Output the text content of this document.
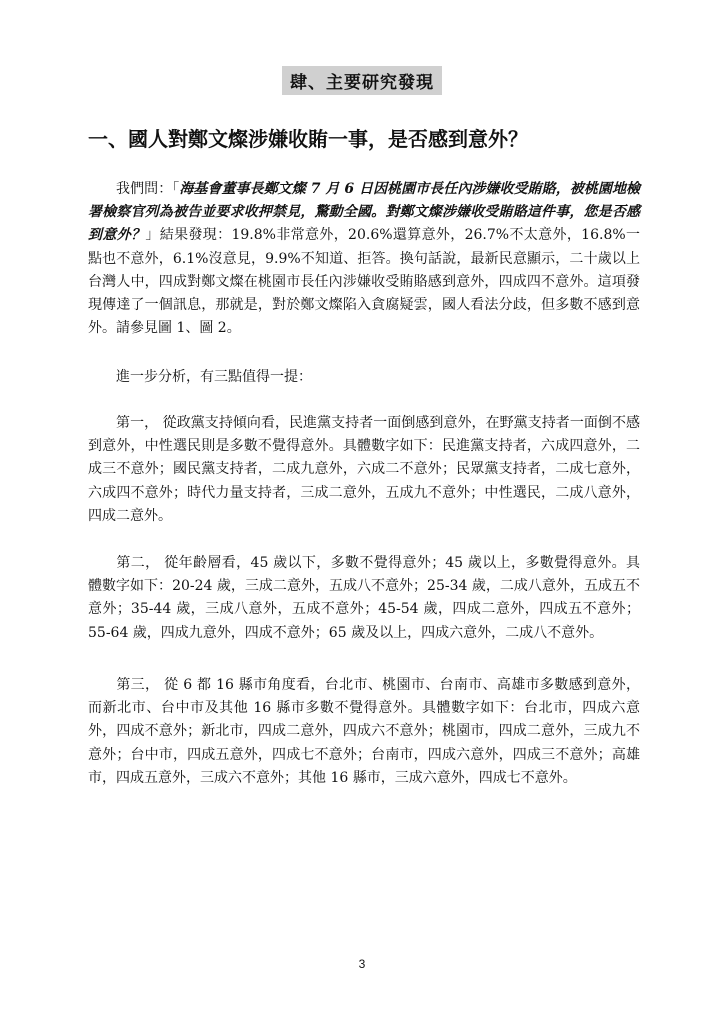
肆、主要研究發現
一、國人對鄭文燦涉嫌收賄一事，是否感到意外？

我們問：「海基會董事長鄭文燦 7 月 6 日因桃園市長任內涉嫌收受賄賂，被桃園地檢署檢察官列為被告並要求收押禁見，驚動全國。對鄭文燦涉嫌收受賄賂這件事，您是否感到意外？」結果發現：19.8%非常意外，20.6%還算意外，26.7%不太意外，16.8%一點也不意外，6.1%沒意見，9.9%不知道、拒答。換句話說，最新民意顯示，二十歲以上台灣人中，四成對鄭文燦在桃園市長任內涉嫌收受賄賂感到意外，四成四不意外。這項發現傳達了一個訊息，那就是，對於鄭文燦陷入貪腐疑雲，國人看法分歧，但多數不感到意外。請參見圖 1、圖 2。

進一步分析，有三點值得一提：

第一， 從政黨支持傾向看，民進黨支持者一面倒感到意外，在野黨支持者一面倒不感到意外，中性選民則是多數不覺得意外。具體數字如下：民進黨支持者，六成四意外，二成三不意外；國民黨支持者，二成九意外，六成二不意外；民眾黨支持者，二成七意外，六成四不意外；時代力量支持者，三成二意外，五成九不意外；中性選民，二成八意外，四成二意外。

第二， 從年齡層看，45 歲以下，多數不覺得意外；45 歲以上，多數覺得意外。具體數字如下：20-24 歲，三成二意外，五成八不意外；25-34 歲，二成八意外，五成五不意外；35-44 歲，三成八意外，五成不意外；45-54 歲，四成二意外，四成五不意外；55-64 歲，四成九意外，四成不意外；65 歲及以上，四成六意外，二成八不意外。

第三， 從 6 都 16 縣市角度看，台北市、桃園市、台南市、高雄市多數感到意外，而新北市、台中市及其他 16 縣市多數不覺得意外。具體數字如下：台北市，四成六意外，四成不意外；新北市，四成二意外，四成六不意外；桃園市，四成二意外，三成九不意外；台中市，四成五意外，四成七不意外；台南市，四成六意外，四成三不意外；高雄市，四成五意外，三成六不意外；其他 16 縣市，三成六意外，四成七不意外。

3
